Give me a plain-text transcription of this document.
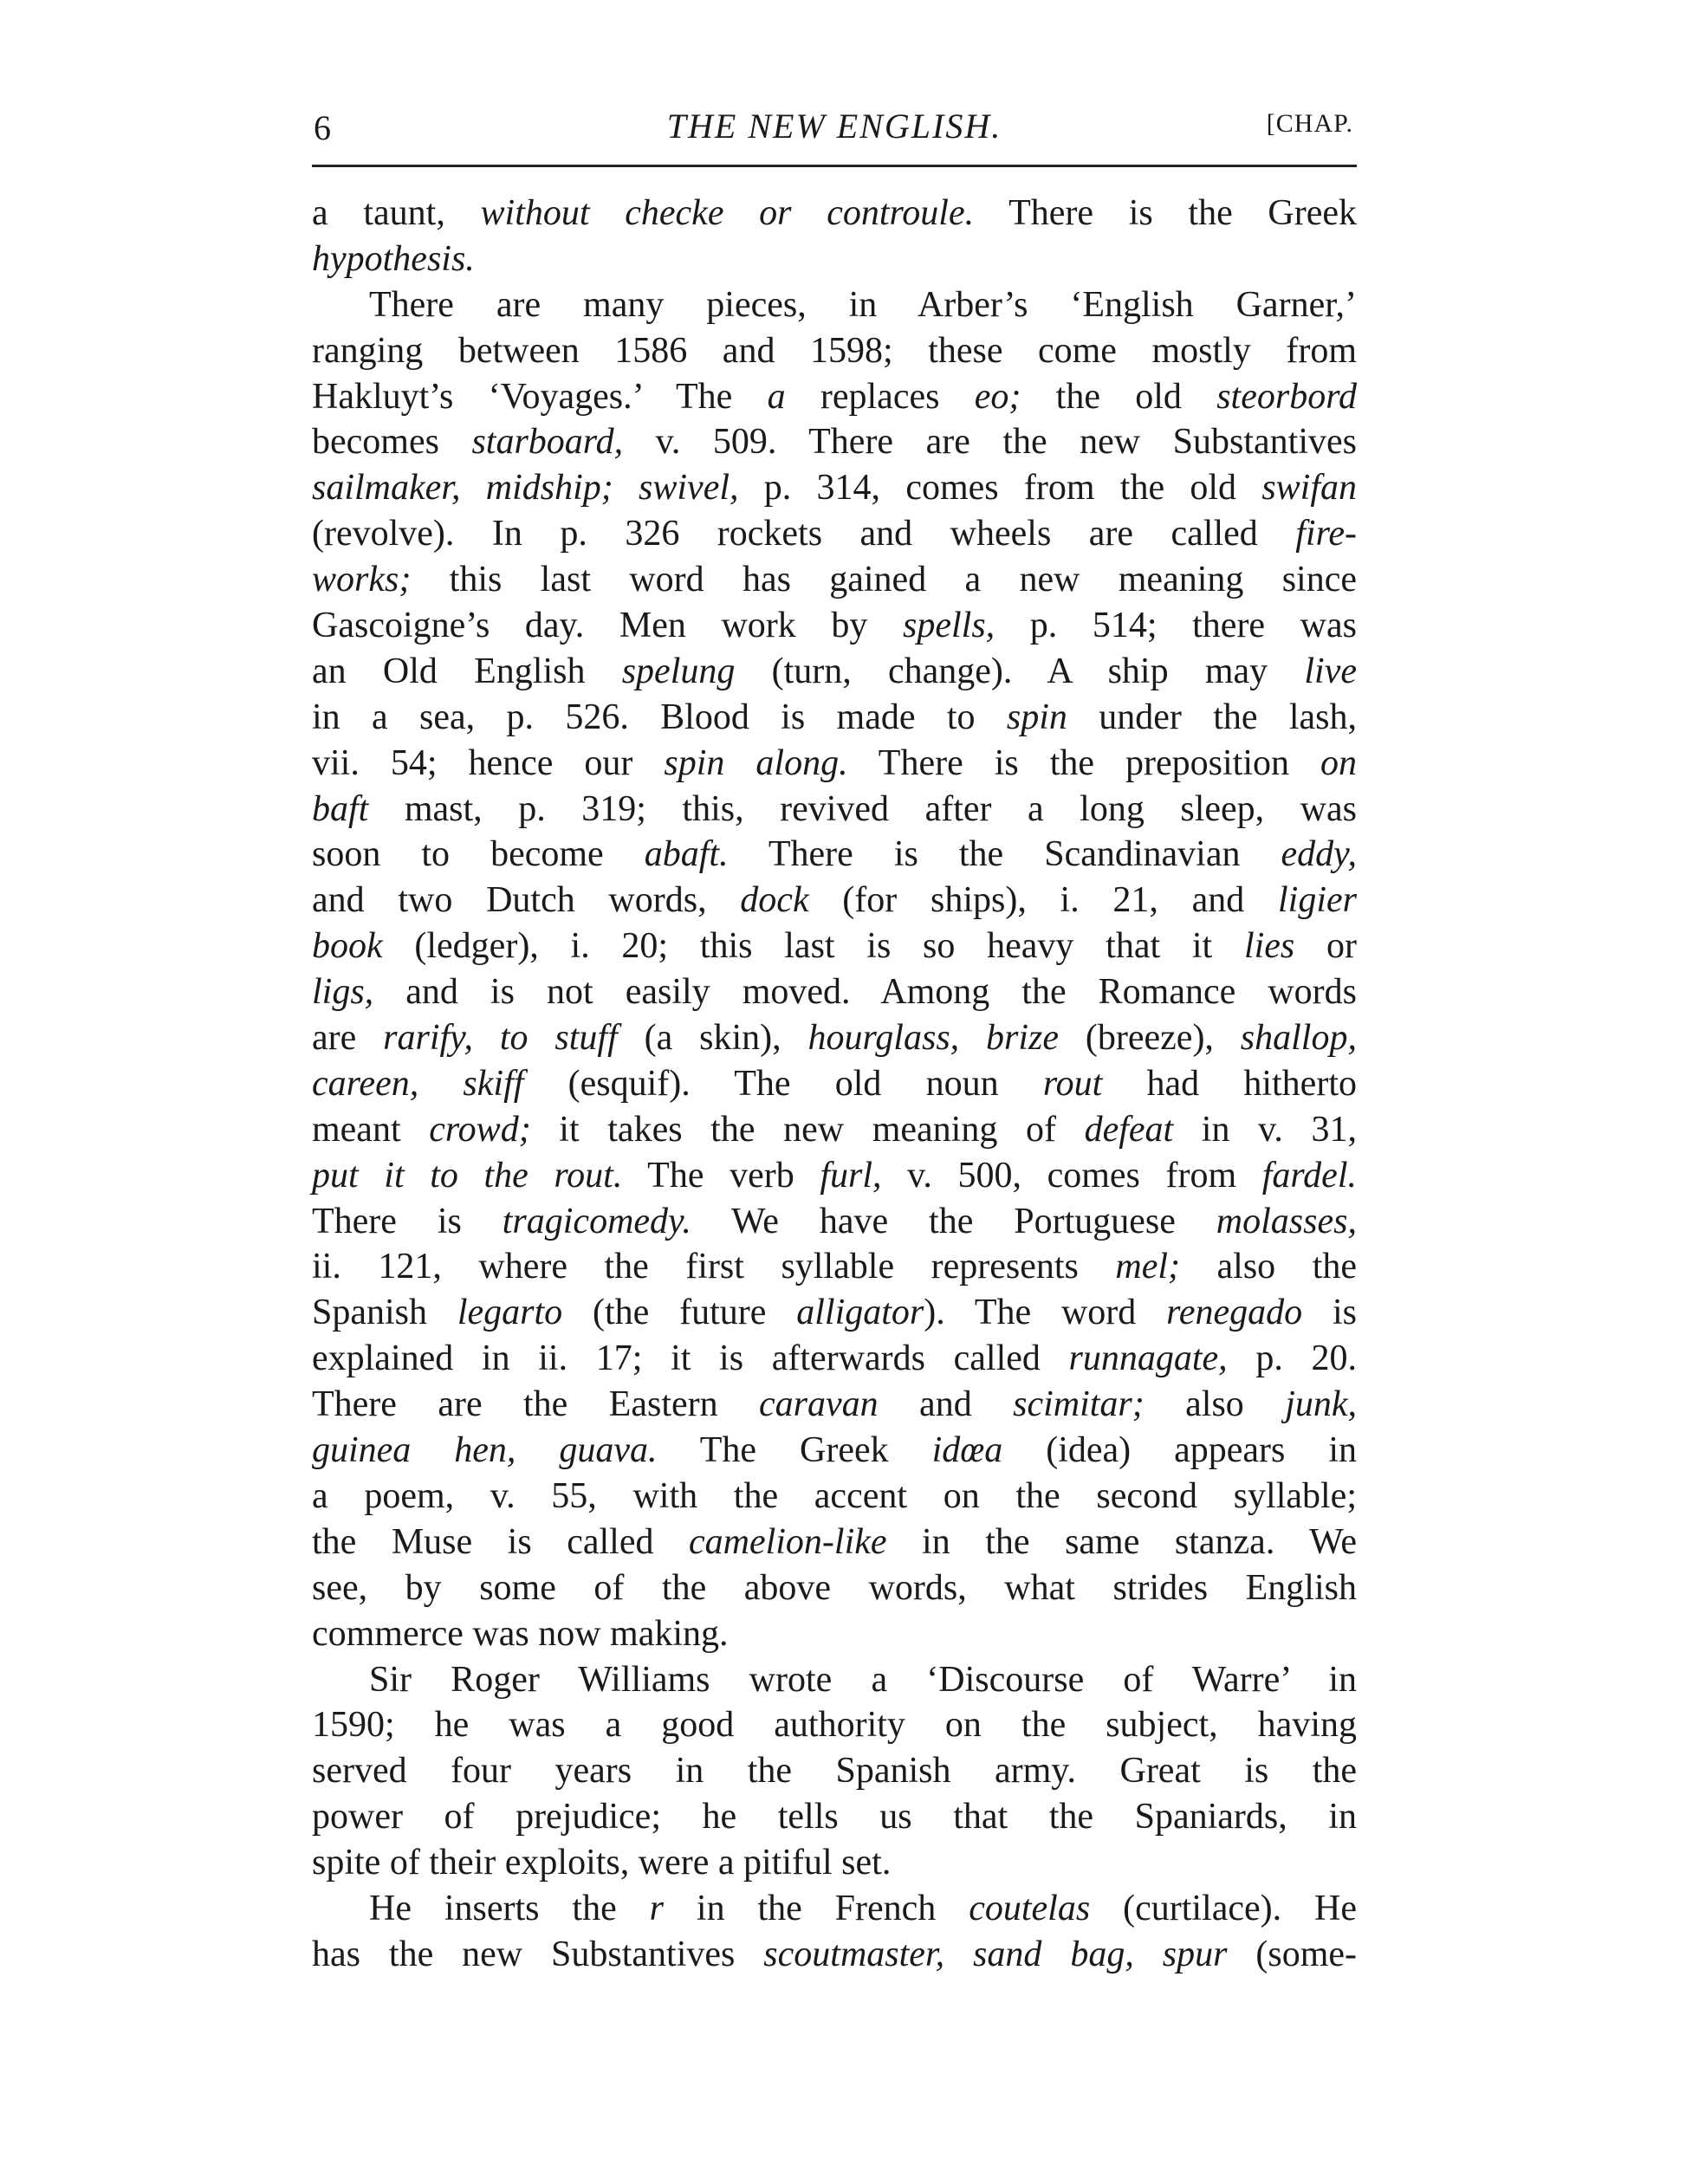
6	THE NEW ENGLISH.	[CHAP.
a taunt, without checke or controule. There is the Greek
hypothesis.
There are many pieces, in Arber’s ‘English Garner,’
ranging between 1586 and 1598; these come mostly from
Hakluyt’s ‘Voyages.’ The a replaces eo; the old steorbord
becomes starboard, v. 509. There are the new Substantives
sailmaker, midship; swivel, p. 314, comes from the old swifan
(revolve). In p. 326 rockets and wheels are called fire-
works; this last word has gained a new meaning since
Gascoigne’s day. Men work by spells, p. 514; there was
an Old English spelung (turn, change). A ship may live
in a sea, p. 526. Blood is made to spin under the lash,
vii. 54; hence our spin along. There is the preposition on
baft mast, p. 319; this, revived after a long sleep, was
soon to become abaft. There is the Scandinavian eddy,
and two Dutch words, dock (for ships), i. 21, and ligier
book (ledger), i. 20; this last is so heavy that it lies or
ligs, and is not easily moved. Among the Romance words
are rarify, to stuff (a skin), hourglass, brize (breeze), shallop,
careen, skiff (esquif). The old noun rout had hitherto
meant crowd; it takes the new meaning of defeat in v. 31,
put it to the rout. The verb furl, v. 500, comes from fardel.
There is tragicomedy. We have the Portuguese molasses,
ii. 121, where the first syllable represents mel; also the
Spanish legarto (the future alligator). The word renegado is
explained in ii. 17; it is afterwards called runnagate, p. 20.
There are the Eastern caravan and scimitar; also junk,
guinea hen, guava. The Greek idœa (idea) appears in
a poem, v. 55, with the accent on the second syllable;
the Muse is called camelion-like in the same stanza. We
see, by some of the above words, what strides English
commerce was now making.
Sir Roger Williams wrote a ‘Discourse of Warre’ in
1590; he was a good authority on the subject, having
served four years in the Spanish army. Great is the
power of prejudice; he tells us that the Spaniards, in
spite of their exploits, were a pitiful set.
He inserts the r in the French coutelas (curtilace). He
has the new Substantives scoutmaster, sand bag, spur (some-
